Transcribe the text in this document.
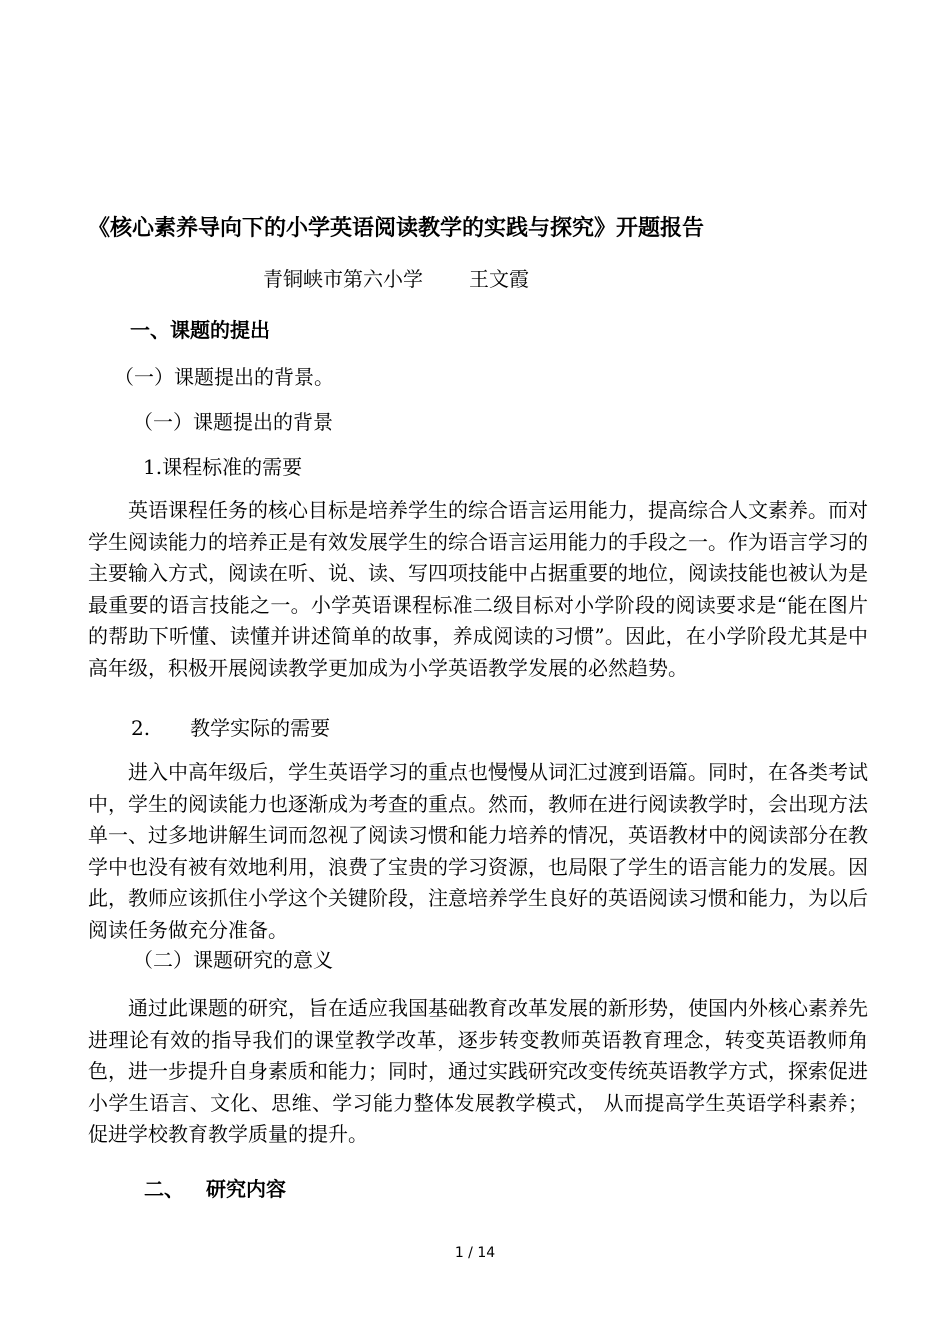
《核心素养导向下的小学英语阅读教学的实践与探究》开题报告
青铜峡市第六小学 王文霞
一、课题的提出
（一）课题提出的背景。
（一）课题提出的背景
1.课程标准的需要

英语课程任务的核心目标是培养学生的综合语言运用能力，提高综合人文素养。而对学生阅读能力的培养正是有效发展学生的综合语言运用能力的手段之一。作为语言学习的主要输入方式，阅读在听、说、读、写四项技能中占据重要的地位，阅读技能也被认为是最重要的语言技能之一。小学英语课程标准二级目标对小学阶段的阅读要求是“能在图片的帮助下听懂、读懂并讲述简单的故事，养成阅读的习惯”。因此，在小学阶段尤其是中高年级，积极开展阅读教学更加成为小学英语教学发展的必然趋势。

2. 教学实际的需要

进入中高年级后，学生英语学习的重点也慢慢从词汇过渡到语篇。同时，在各类考试中，学生的阅读能力也逐渐成为考查的重点。然而，教师在进行阅读教学时，会出现方法单一、过多地讲解生词而忽视了阅读习惯和能力培养的情况，英语教材中的阅读部分在教学中也没有被有效地利用，浪费了宝贵的学习资源，也局限了学生的语言能力的发展。因此，教师应该抓住小学这个关键阶段，注意培养学生良好的英语阅读习惯和能力，为以后阅读任务做充分准备。

（二）课题研究的意义

通过此课题的研究，旨在适应我国基础教育改革发展的新形势，使国内外核心素养先进理论有效的指导我们的课堂教学改革，逐步转变教师英语教育理念，转变英语教师角色，进一步提升自身素质和能力；同时，通过实践研究改变传统英语教学方式，探索促进小学生语言、文化、思维、学习能力整体发展教学模式， 从而提高学生英语学科素养；促进学校教育教学质量的提升。

二、 研究内容
1 / 14
